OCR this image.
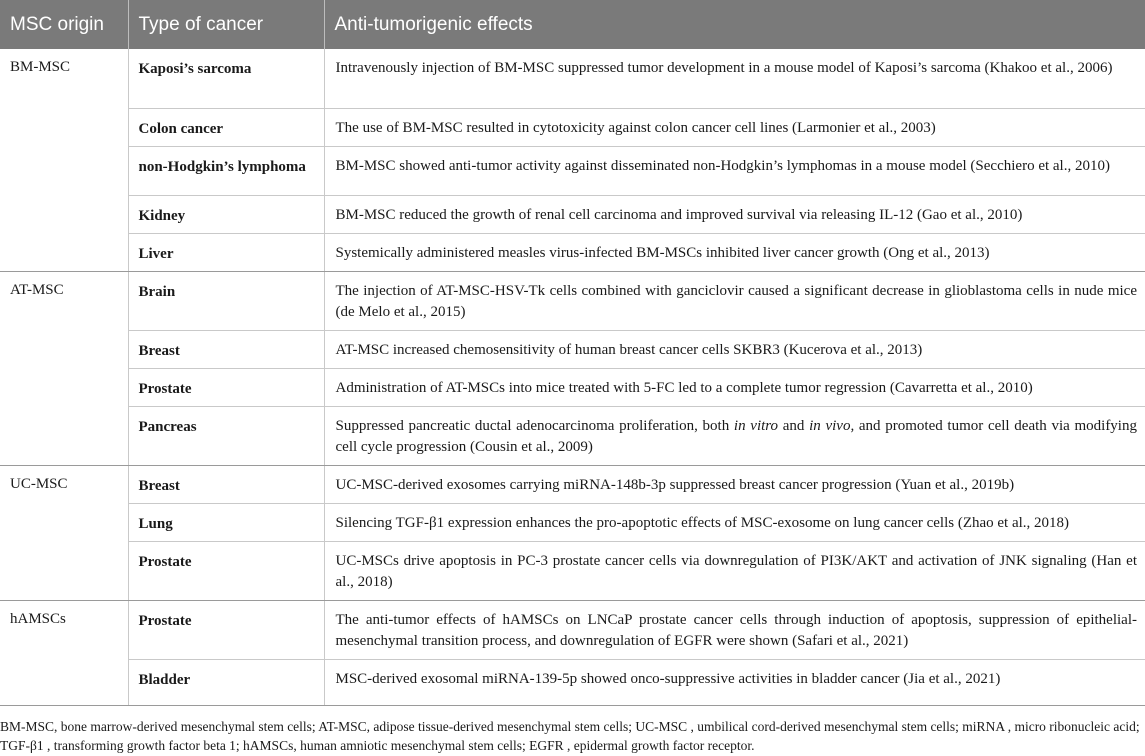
MSC origin	Type of cancer	Anti-tumorigenic effects
BM-MSC	Kaposi’s sarcoma	Intravenously injection of BM-MSC suppressed tumor development in a mouse model of Kaposi’s sarcoma (Khakoo et al., 2006)
	Colon cancer	The use of BM-MSC resulted in cytotoxicity against colon cancer cell lines (Larmonier et al., 2003)
	non-Hodgkin’s lymphoma	BM-MSC showed anti-tumor activity against disseminated non-Hodgkin’s lymphomas in a mouse model (Secchiero et al., 2010)
	Kidney	BM-MSC reduced the growth of renal cell carcinoma and improved survival via releasing IL-12 (Gao et al., 2010)
	Liver	Systemically administered measles virus-infected BM-MSCs inhibited liver cancer growth (Ong et al., 2013)
AT-MSC	Brain	The injection of AT-MSC-HSV-Tk cells combined with ganciclovir caused a significant decrease in glioblastoma cells in nude mice (de Melo et al., 2015)
	Breast	AT-MSC increased chemosensitivity of human breast cancer cells SKBR3 (Kucerova et al., 2013)
	Prostate	Administration of AT-MSCs into mice treated with 5-FC led to a complete tumor regression (Cavarretta et al., 2010)
	Pancreas	Suppressed pancreatic ductal adenocarcinoma proliferation, both in vitro and in vivo, and promoted tumor cell death via modifying cell cycle progression (Cousin et al., 2009)
UC-MSC	Breast	UC-MSC-derived exosomes carrying miRNA-148b-3p suppressed breast cancer progression (Yuan et al., 2019b)
	Lung	Silencing TGF-β1 expression enhances the pro-apoptotic effects of MSC-exosome on lung cancer cells (Zhao et al., 2018)
	Prostate	UC-MSCs drive apoptosis in PC-3 prostate cancer cells via downregulation of PI3K/AKT and activation of JNK signaling (Han et al., 2018)
hAMSCs	Prostate	The anti-tumor effects of hAMSCs on LNCaP prostate cancer cells through induction of apoptosis, suppression of epithelial-mesenchymal transition process, and downregulation of EGFR were shown (Safari et al., 2021)
	Bladder	MSC-derived exosomal miRNA-139-5p showed onco-suppressive activities in bladder cancer (Jia et al., 2021)
BM-MSC, bone marrow-derived mesenchymal stem cells; AT-MSC, adipose tissue-derived mesenchymal stem cells; UC-MSC , umbilical cord-derived mesenchymal stem cells; miRNA , micro ribonucleic acid; TGF-β1 , transforming growth factor beta 1; hAMSCs, human amniotic mesenchymal stem cells; EGFR , epidermal growth factor receptor.
